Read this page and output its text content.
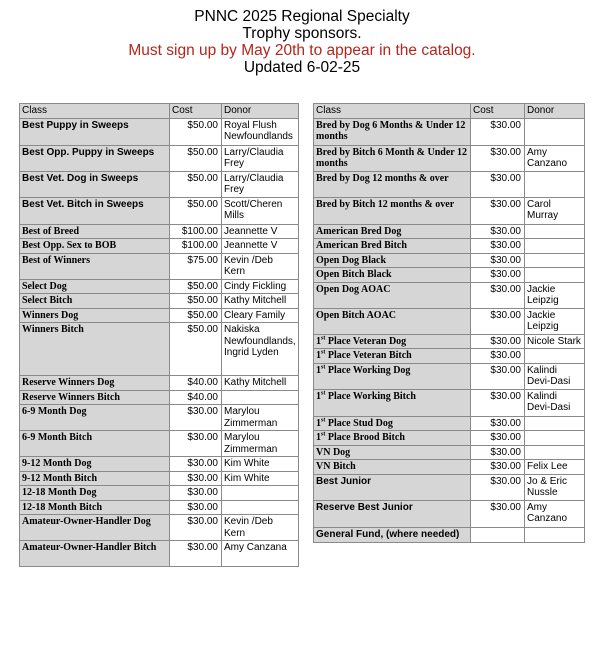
PNNC 2025 Regional Specialty
Trophy sponsors.
Must sign up by May 20th to appear in the catalog.
Updated 6-02-25
Class	Cost	Donor
Best Puppy in Sweeps	$50.00	Royal Flush Newfoundlands
Best Opp. Puppy in Sweeps	$50.00	Larry/Claudia Frey
Best Vet. Dog in Sweeps	$50.00	Larry/Claudia Frey
Best Vet. Bitch in Sweeps	$50.00	Scott/Cheren Mills
Best of Breed	$100.00	Jeannette V
Best Opp. Sex to BOB	$100.00	Jeannette V
Best of Winners	$75.00	Kevin /Deb Kern
Select Dog	$50.00	Cindy Fickling
Select Bitch	$50.00	Kathy Mitchell
Winners Dog	$50.00	Cleary Family
Winners Bitch	$50.00	Nakiska Newfoundlands, Ingrid Lyden
Reserve Winners Dog	$40.00	Kathy Mitchell
Reserve Winners Bitch	$40.00	
6-9 Month Dog	$30.00	Marylou Zimmerman
6-9 Month Bitch	$30.00	Marylou Zimmerman
9-12 Month Dog	$30.00	Kim White
9-12 Month Bitch	$30.00	Kim White
12-18 Month Dog	$30.00	
12-18 Month Bitch	$30.00	
Amateur-Owner-Handler Dog	$30.00	Kevin /Deb Kern
Amateur-Owner-Handler Bitch	$30.00	Amy Canzana
Class	Cost	Donor
Bred by Dog 6 Months & Under 12 months	$30.00	
Bred by Bitch 6 Month & Under 12 months	$30.00	Amy Canzano
Bred by Dog 12 months & over	$30.00	
Bred by Bitch 12 months & over	$30.00	Carol Murray
American Bred Dog	$30.00	
American Bred Bitch	$30.00	
Open Dog Black	$30.00	
Open Bitch Black	$30.00	
Open Dog AOAC	$30.00	Jackie Leipzig
Open Bitch AOAC	$30.00	Jackie Leipzig
1st Place Veteran Dog	$30.00	Nicole Stark
1st Place Veteran Bitch	$30.00	
1st Place Working Dog	$30.00	Kalindi Devi-Dasi
1st Place Working Bitch	$30.00	Kalindi Devi-Dasi
1st Place Stud Dog	$30.00	
1st Place Brood Bitch	$30.00	
VN Dog	$30.00	
VN Bitch	$30.00	Felix Lee
Best Junior	$30.00	Jo & Eric Nussle
Reserve Best Junior	$30.00	Amy Canzano
General Fund, (where needed)		
